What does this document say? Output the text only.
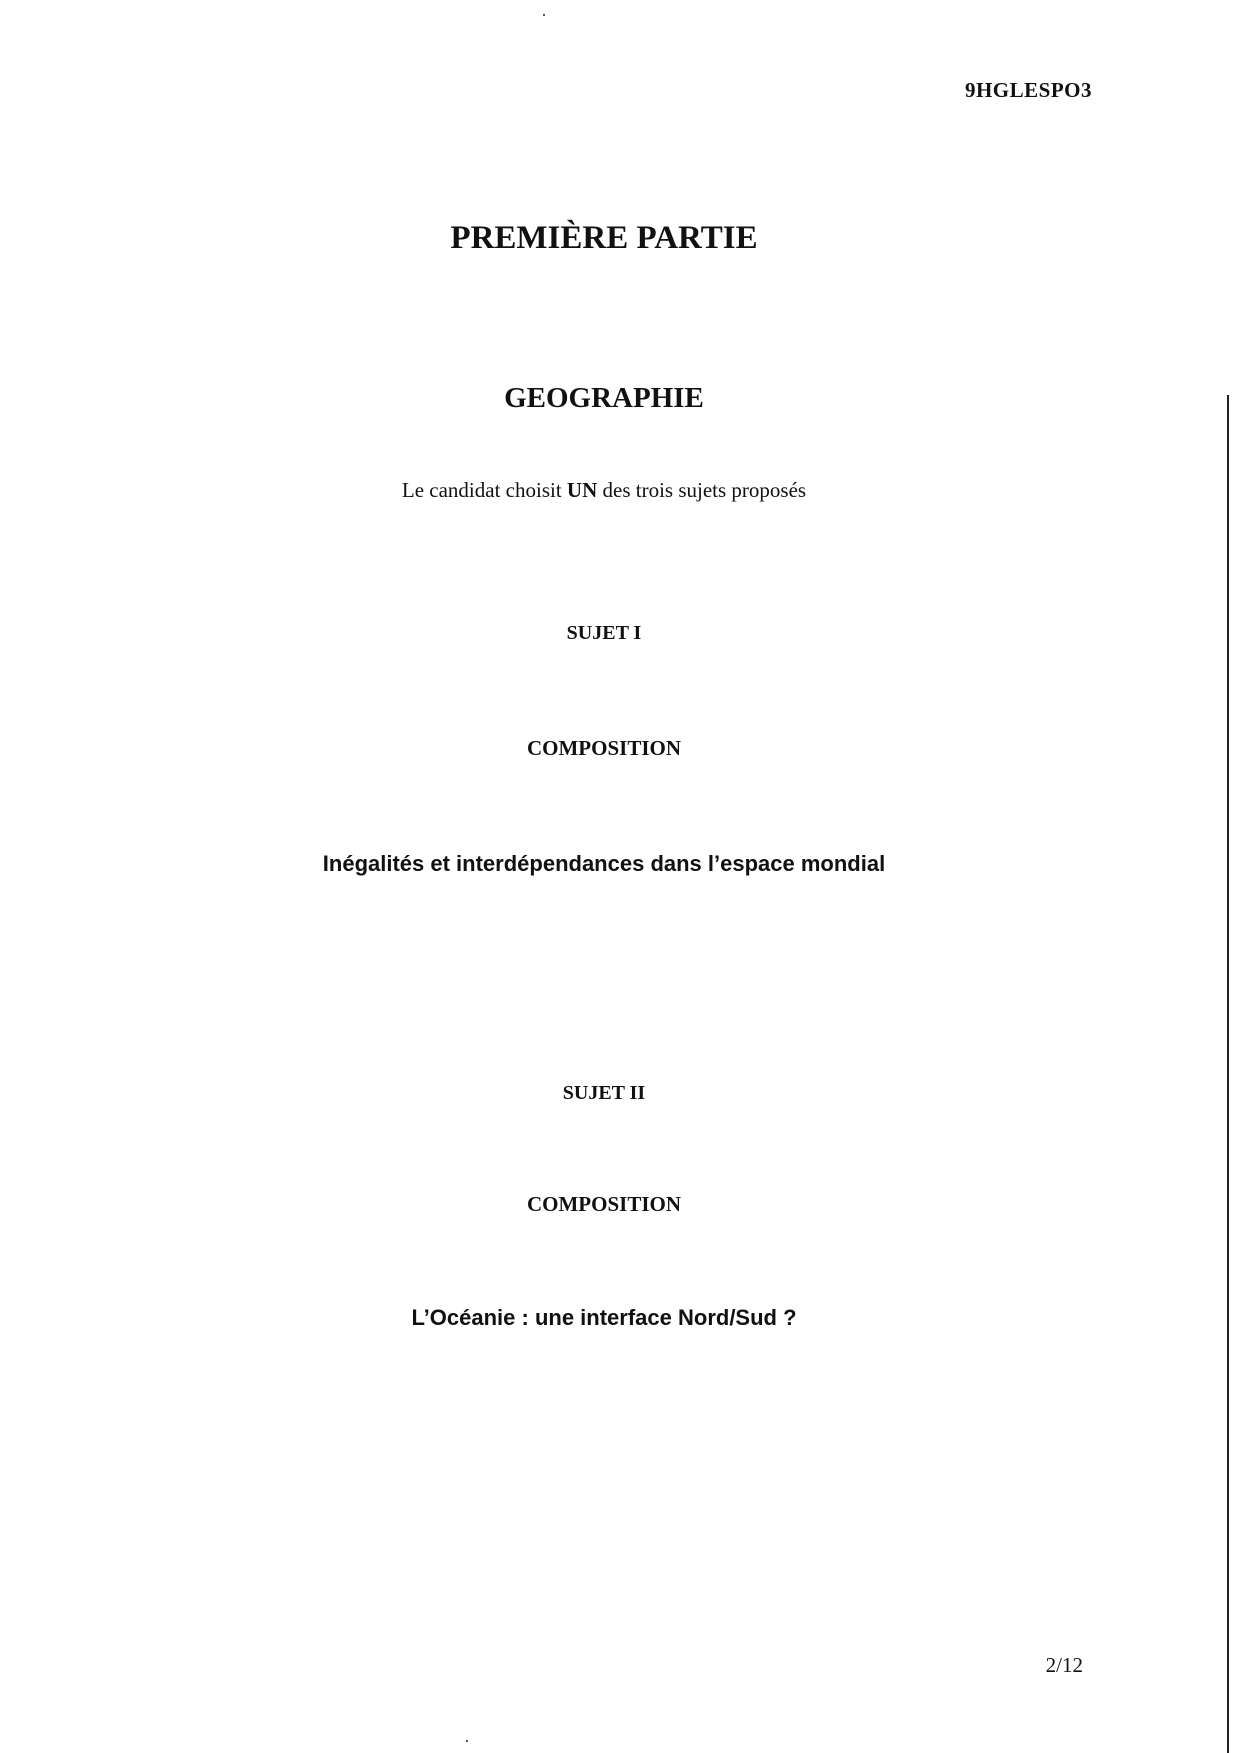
9HGLESPO3
PREMIÈRE PARTIE
GEOGRAPHIE
Le candidat choisit UN des trois sujets proposés
SUJET I
COMPOSITION
Inégalités et interdépendances dans l’espace mondial
SUJET II
COMPOSITION
L’Océanie : une interface Nord/Sud ?
2/12
